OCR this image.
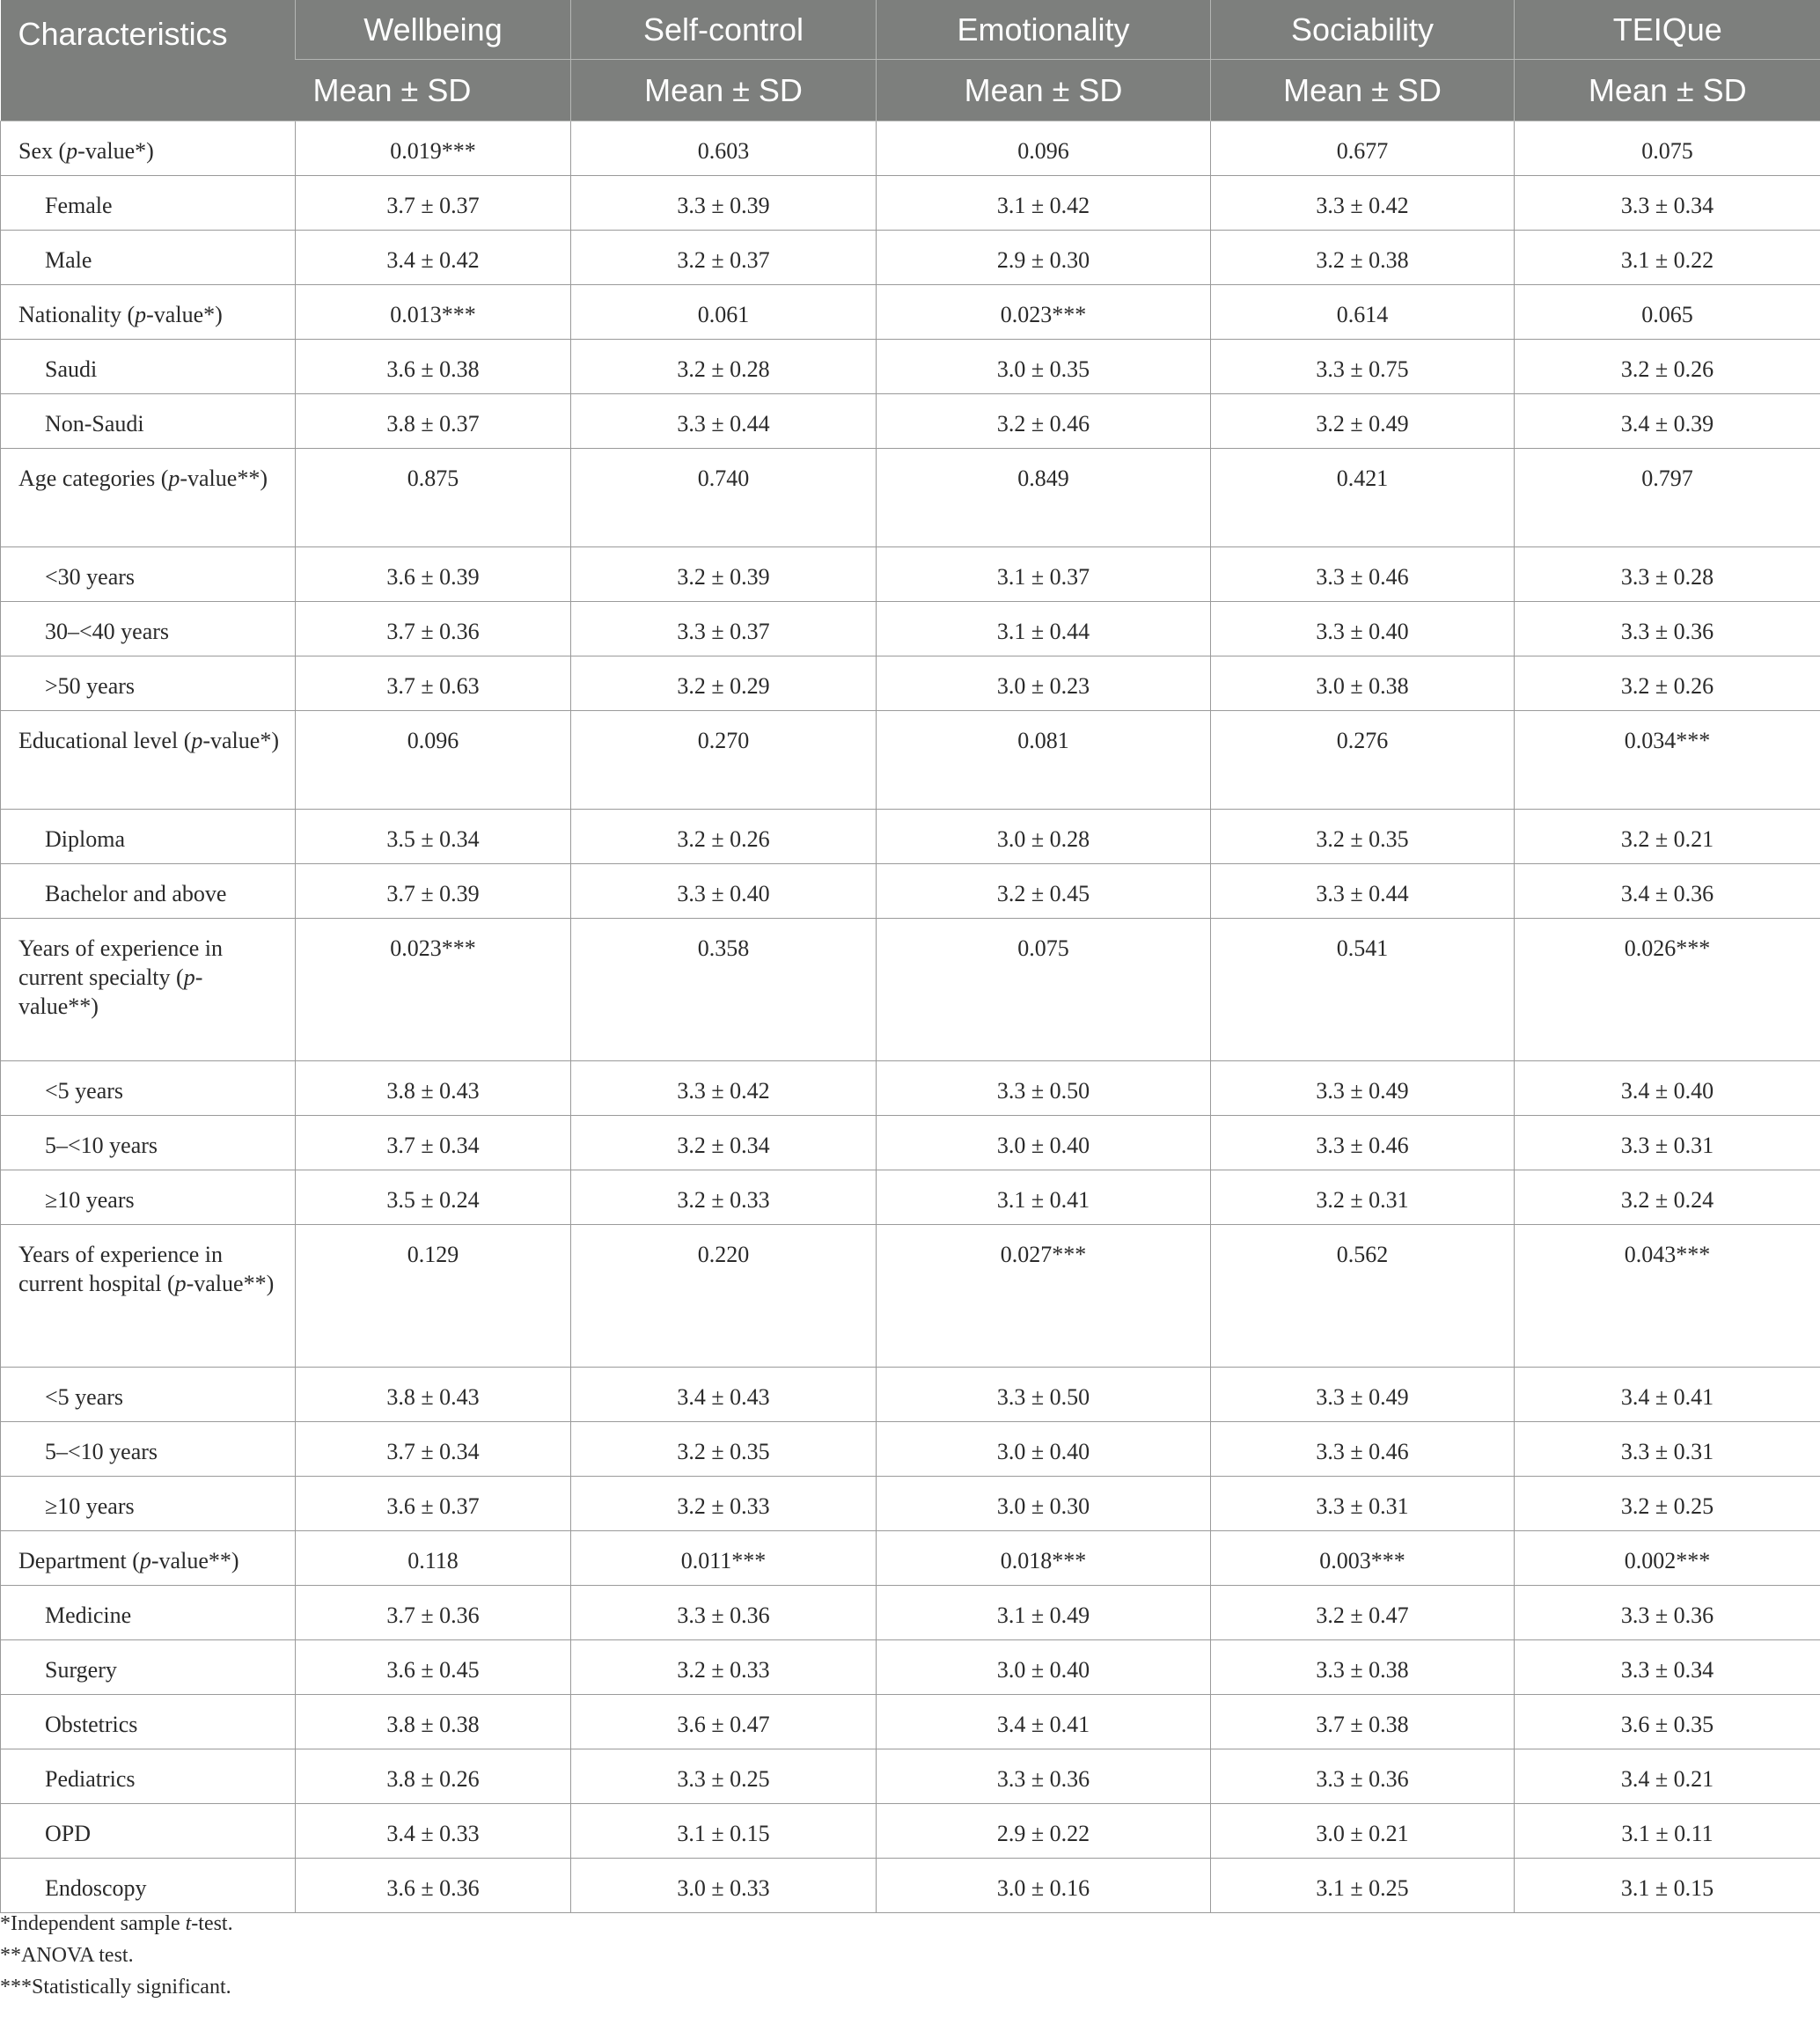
Characteristics	Wellbeing	Self-control	Emotionality	Sociability	TEIQue
	Mean ± SD	Mean ± SD	Mean ± SD	Mean ± SD	Mean ± SD
Sex (p-value*)	0.019***	0.603	0.096	0.677	0.075
Female	3.7 ± 0.37	3.3 ± 0.39	3.1 ± 0.42	3.3 ± 0.42	3.3 ± 0.34
Male	3.4 ± 0.42	3.2 ± 0.37	2.9 ± 0.30	3.2 ± 0.38	3.1 ± 0.22
Nationality (p-value*)	0.013***	0.061	0.023***	0.614	0.065
Saudi	3.6 ± 0.38	3.2 ± 0.28	3.0 ± 0.35	3.3 ± 0.75	3.2 ± 0.26
Non-Saudi	3.8 ± 0.37	3.3 ± 0.44	3.2 ± 0.46	3.2 ± 0.49	3.4 ± 0.39
Age categories (p-value**)	0.875	0.740	0.849	0.421	0.797
<30 years	3.6 ± 0.39	3.2 ± 0.39	3.1 ± 0.37	3.3 ± 0.46	3.3 ± 0.28
30–<40 years	3.7 ± 0.36	3.3 ± 0.37	3.1 ± 0.44	3.3 ± 0.40	3.3 ± 0.36
>50 years	3.7 ± 0.63	3.2 ± 0.29	3.0 ± 0.23	3.0 ± 0.38	3.2 ± 0.26
Educational level (p-value*)	0.096	0.270	0.081	0.276	0.034***
Diploma	3.5 ± 0.34	3.2 ± 0.26	3.0 ± 0.28	3.2 ± 0.35	3.2 ± 0.21
Bachelor and above	3.7 ± 0.39	3.3 ± 0.40	3.2 ± 0.45	3.3 ± 0.44	3.4 ± 0.36
Years of experience in current specialty (p-value**)	0.023***	0.358	0.075	0.541	0.026***
<5 years	3.8 ± 0.43	3.3 ± 0.42	3.3 ± 0.50	3.3 ± 0.49	3.4 ± 0.40
5–<10 years	3.7 ± 0.34	3.2 ± 0.34	3.0 ± 0.40	3.3 ± 0.46	3.3 ± 0.31
≥10 years	3.5 ± 0.24	3.2 ± 0.33	3.1 ± 0.41	3.2 ± 0.31	3.2 ± 0.24
Years of experience in current hospital (p-value**)	0.129	0.220	0.027***	0.562	0.043***
<5 years	3.8 ± 0.43	3.4 ± 0.43	3.3 ± 0.50	3.3 ± 0.49	3.4 ± 0.41
5–<10 years	3.7 ± 0.34	3.2 ± 0.35	3.0 ± 0.40	3.3 ± 0.46	3.3 ± 0.31
≥10 years	3.6 ± 0.37	3.2 ± 0.33	3.0 ± 0.30	3.3 ± 0.31	3.2 ± 0.25
Department (p-value**)	0.118	0.011***	0.018***	0.003***	0.002***
Medicine	3.7 ± 0.36	3.3 ± 0.36	3.1 ± 0.49	3.2 ± 0.47	3.3 ± 0.36
Surgery	3.6 ± 0.45	3.2 ± 0.33	3.0 ± 0.40	3.3 ± 0.38	3.3 ± 0.34
Obstetrics	3.8 ± 0.38	3.6 ± 0.47	3.4 ± 0.41	3.7 ± 0.38	3.6 ± 0.35
Pediatrics	3.8 ± 0.26	3.3 ± 0.25	3.3 ± 0.36	3.3 ± 0.36	3.4 ± 0.21
OPD	3.4 ± 0.33	3.1 ± 0.15	2.9 ± 0.22	3.0 ± 0.21	3.1 ± 0.11
Endoscopy	3.6 ± 0.36	3.0 ± 0.33	3.0 ± 0.16	3.1 ± 0.25	3.1 ± 0.15
*Independent sample t-test.
**ANOVA test.
***Statistically significant.
